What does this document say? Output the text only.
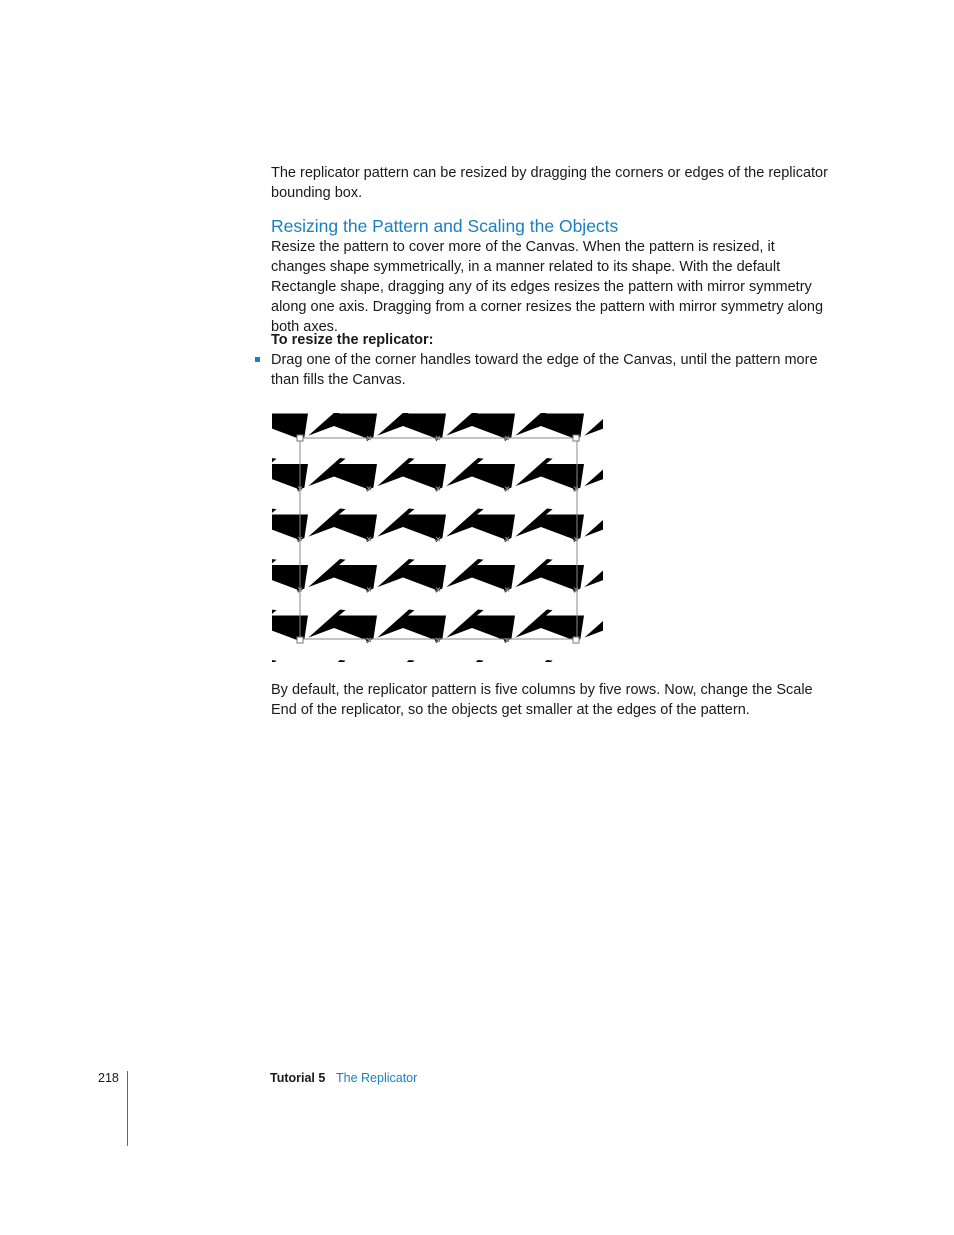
The replicator pattern can be resized by dragging the corners or edges of the replicator bounding box.

Resizing the Pattern and Scaling the Objects

Resize the pattern to cover more of the Canvas. When the pattern is resized, it changes shape symmetrically, in a manner related to its shape. With the default Rectangle shape, dragging any of its edges resizes the pattern with mirror symmetry along one axis. Dragging from a corner resizes the pattern with mirror symmetry along both axes.

To resize the replicator:

Drag one of the corner handles toward the edge of the Canvas, until the pattern more than fills the Canvas.

By default, the replicator pattern is five columns by five rows. Now, change the Scale End of the replicator, so the objects get smaller at the edges of the pattern.

218	Tutorial 5 The Replicator
